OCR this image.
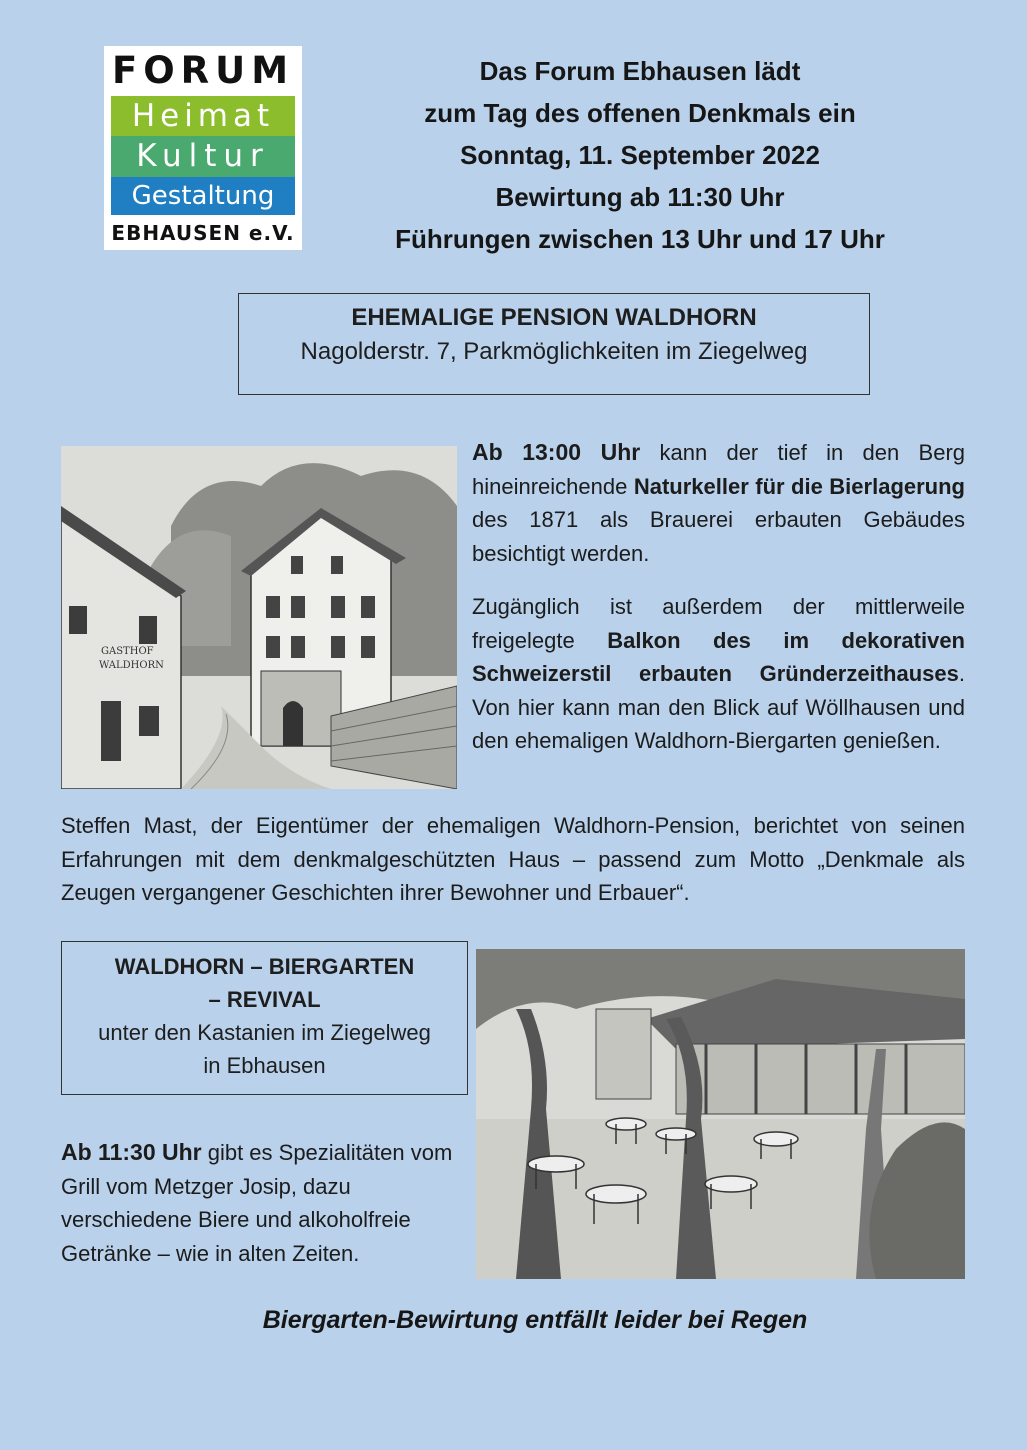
FORUM
Heimat
Kultur
Gestaltung
EBHAUSEN e.V.
Das Forum Ebhausen lädt
zum Tag des offenen Denkmals ein
Sonntag, 11. September 2022
Bewirtung ab 11:30 Uhr
Führungen zwischen 13 Uhr und 17 Uhr
EHEMALIGE PENSION WALDHORN
Nagolderstr. 7, Parkmöglichkeiten im Ziegelweg
GASTHOF
WALDHORN
Ab 13:00 Uhr kann der tief in den Berg hineinreichende Naturkeller für die Bierlagerung des 1871 als Brauerei erbauten Gebäudes besichtigt werden.
Zugänglich ist außerdem der mittlerweile freigelegte Balkon des im dekorativen Schweizerstil erbauten Gründerzeithauses. Von hier kann man den Blick auf Wöllhausen und den ehemaligen Waldhorn-Biergarten genießen.
Steffen Mast, der Eigentümer der ehemaligen Waldhorn-Pension, berichtet von seinen Erfahrungen mit dem denkmalgeschützten Haus – passend zum Motto „Denkmale als Zeugen vergangener Geschichten ihrer Bewohner und Erbauer“.
WALDHORN – BIERGARTEN
– REVIVAL
unter den Kastanien im Ziegelweg
in Ebhausen
Ab 11:30 Uhr gibt es Spezialitäten vom Grill vom Metzger Josip, dazu verschiedene Biere und alkoholfreie Getränke – wie in alten Zeiten.
Biergarten-Bewirtung entfällt leider bei Regen
